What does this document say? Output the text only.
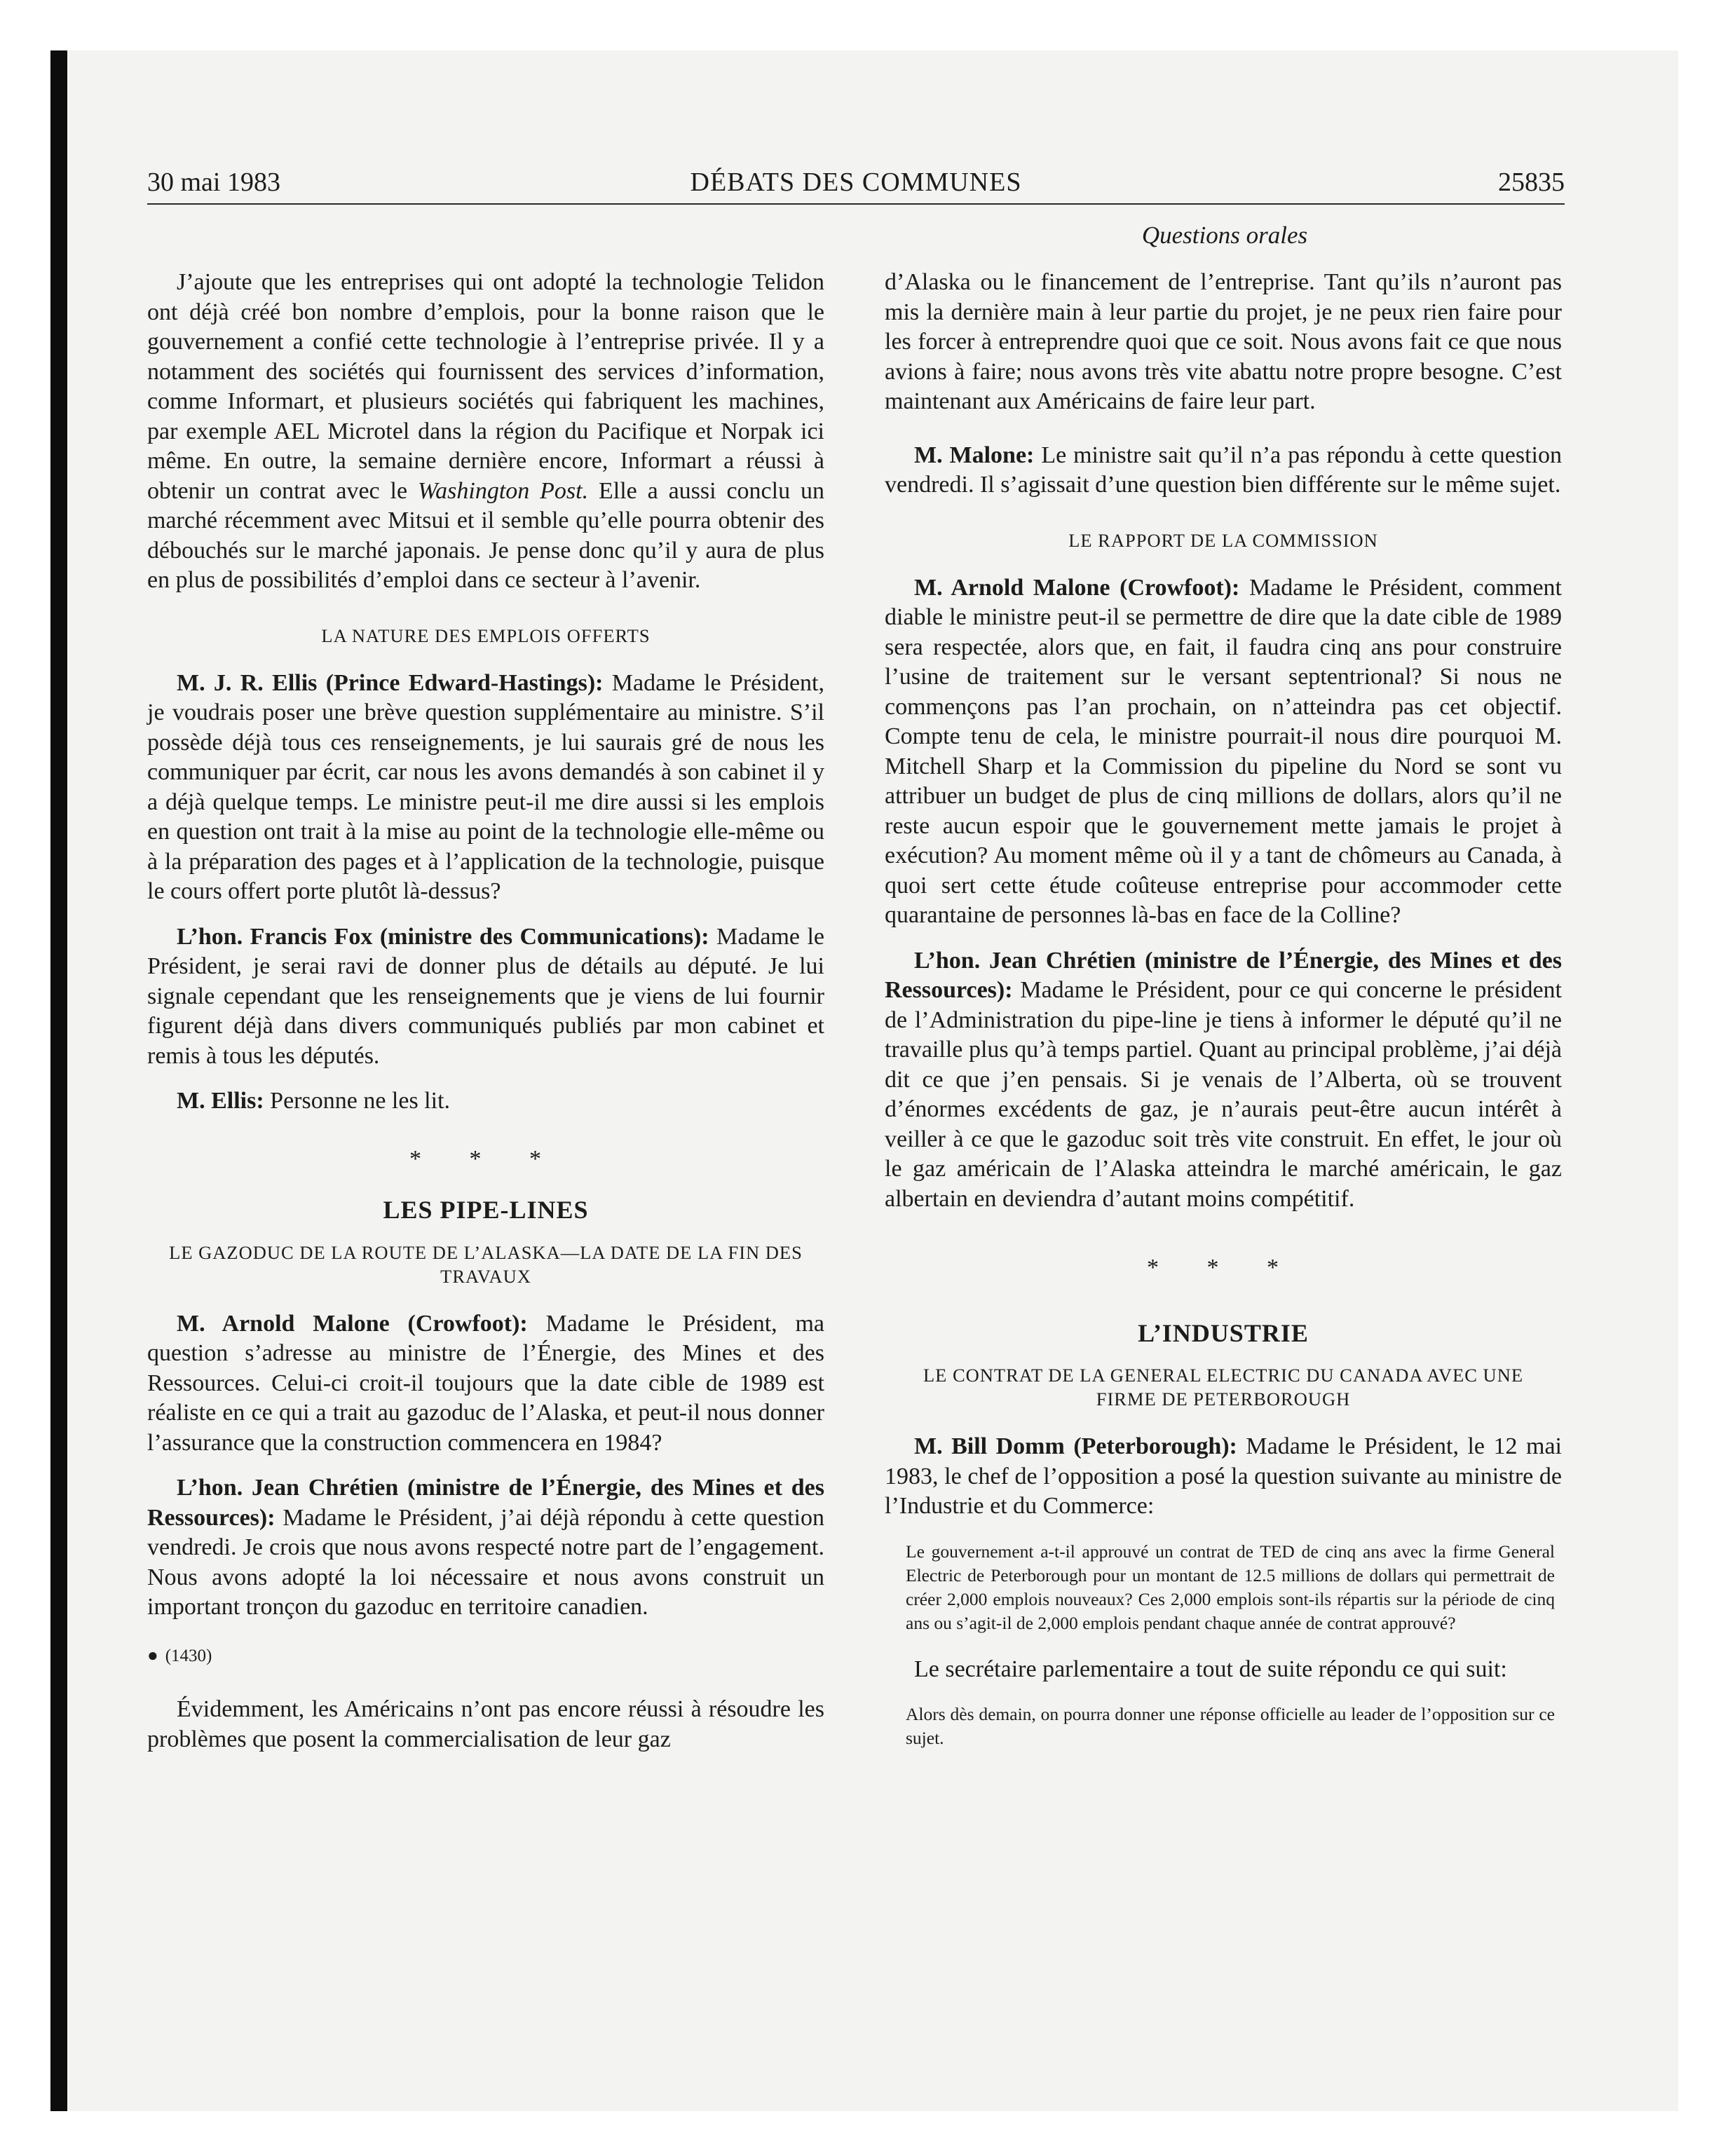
30 mai 1983	DÉBATS DES COMMUNES	25835
Questions orales

J’ajoute que les entreprises qui ont adopté la technologie Telidon ont déjà créé bon nombre d’emplois, pour la bonne raison que le gouvernement a confié cette technologie à l’entreprise privée. Il y a notamment des sociétés qui fournissent des services d’information, comme Informart, et plusieurs sociétés qui fabriquent les machines, par exemple AEL Microtel dans la région du Pacifique et Norpak ici même. En outre, la semaine dernière encore, Informart a réussi à obtenir un contrat avec le Washington Post. Elle a aussi conclu un marché récemment avec Mitsui et il semble qu’elle pourra obtenir des débouchés sur le marché japonais. Je pense donc qu’il y aura de plus en plus de possibilités d’emploi dans ce secteur à l’avenir.

LA NATURE DES EMPLOIS OFFERTS

M. J. R. Ellis (Prince Edward-Hastings): Madame le Président, je voudrais poser une brève question supplémentaire au ministre. S’il possède déjà tous ces renseignements, je lui saurais gré de nous les communiquer par écrit, car nous les avons demandés à son cabinet il y a déjà quelque temps. Le ministre peut-il me dire aussi si les emplois en question ont trait à la mise au point de la technologie elle-même ou à la préparation des pages et à l’application de la technologie, puisque le cours offert porte plutôt là-dessus?

L’hon. Francis Fox (ministre des Communications): Madame le Président, je serai ravi de donner plus de détails au député. Je lui signale cependant que les renseignements que je viens de lui fournir figurent déjà dans divers communiqués publiés par mon cabinet et remis à tous les députés.

M. Ellis: Personne ne les lit.

* * *
LES PIPE-LINES
LE GAZODUC DE LA ROUTE DE L’ALASKA—LA DATE DE LA FIN DES TRAVAUX

M. Arnold Malone (Crowfoot): Madame le Président, ma question s’adresse au ministre de l’Énergie, des Mines et des Ressources. Celui-ci croit-il toujours que la date cible de 1989 est réaliste en ce qui a trait au gazoduc de l’Alaska, et peut-il nous donner l’assurance que la construction commencera en 1984?

L’hon. Jean Chrétien (ministre de l’Énergie, des Mines et des Ressources): Madame le Président, j’ai déjà répondu à cette question vendredi. Je crois que nous avons respecté notre part de l’engagement. Nous avons adopté la loi nécessaire et nous avons construit un important tronçon du gazoduc en territoire canadien.

● (1430)

Évidemment, les Américains n’ont pas encore réussi à résoudre les problèmes que posent la commercialisation de leur gaz

d’Alaska ou le financement de l’entreprise. Tant qu’ils n’auront pas mis la dernière main à leur partie du projet, je ne peux rien faire pour les forcer à entreprendre quoi que ce soit. Nous avons fait ce que nous avions à faire; nous avons très vite abattu notre propre besogne. C’est maintenant aux Américains de faire leur part.

M. Malone: Le ministre sait qu’il n’a pas répondu à cette question vendredi. Il s’agissait d’une question bien différente sur le même sujet.

LE RAPPORT DE LA COMMISSION

M. Arnold Malone (Crowfoot): Madame le Président, comment diable le ministre peut-il se permettre de dire que la date cible de 1989 sera respectée, alors que, en fait, il faudra cinq ans pour construire l’usine de traitement sur le versant septentrional? Si nous ne commençons pas l’an prochain, on n’atteindra pas cet objectif. Compte tenu de cela, le ministre pourrait-il nous dire pourquoi M. Mitchell Sharp et la Commission du pipeline du Nord se sont vu attribuer un budget de plus de cinq millions de dollars, alors qu’il ne reste aucun espoir que le gouvernement mette jamais le projet à exécution? Au moment même où il y a tant de chômeurs au Canada, à quoi sert cette étude coûteuse entreprise pour accommoder cette quarantaine de personnes là-bas en face de la Colline?

L’hon. Jean Chrétien (ministre de l’Énergie, des Mines et des Ressources): Madame le Président, pour ce qui concerne le président de l’Administration du pipe-line je tiens à informer le député qu’il ne travaille plus qu’à temps partiel. Quant au principal problème, j’ai déjà dit ce que j’en pensais. Si je venais de l’Alberta, où se trouvent d’énormes excédents de gaz, je n’aurais peut-être aucun intérêt à veiller à ce que le gazoduc soit très vite construit. En effet, le jour où le gaz américain de l’Alaska atteindra le marché américain, le gaz albertain en deviendra d’autant moins compétitif.

* * *
L’INDUSTRIE
LE CONTRAT DE LA GENERAL ELECTRIC DU CANADA AVEC UNE FIRME DE PETERBOROUGH

M. Bill Domm (Peterborough): Madame le Président, le 12 mai 1983, le chef de l’opposition a posé la question suivante au ministre de l’Industrie et du Commerce:

Le gouvernement a-t-il approuvé un contrat de TED de cinq ans avec la firme General Electric de Peterborough pour un montant de 12.5 millions de dollars qui permettrait de créer 2,000 emplois nouveaux? Ces 2,000 emplois sont-ils répartis sur la période de cinq ans ou s’agit-il de 2,000 emplois pendant chaque année de contrat approuvé?

Le secrétaire parlementaire a tout de suite répondu ce qui suit:

Alors dès demain, on pourra donner une réponse officielle au leader de l’opposition sur ce sujet.
